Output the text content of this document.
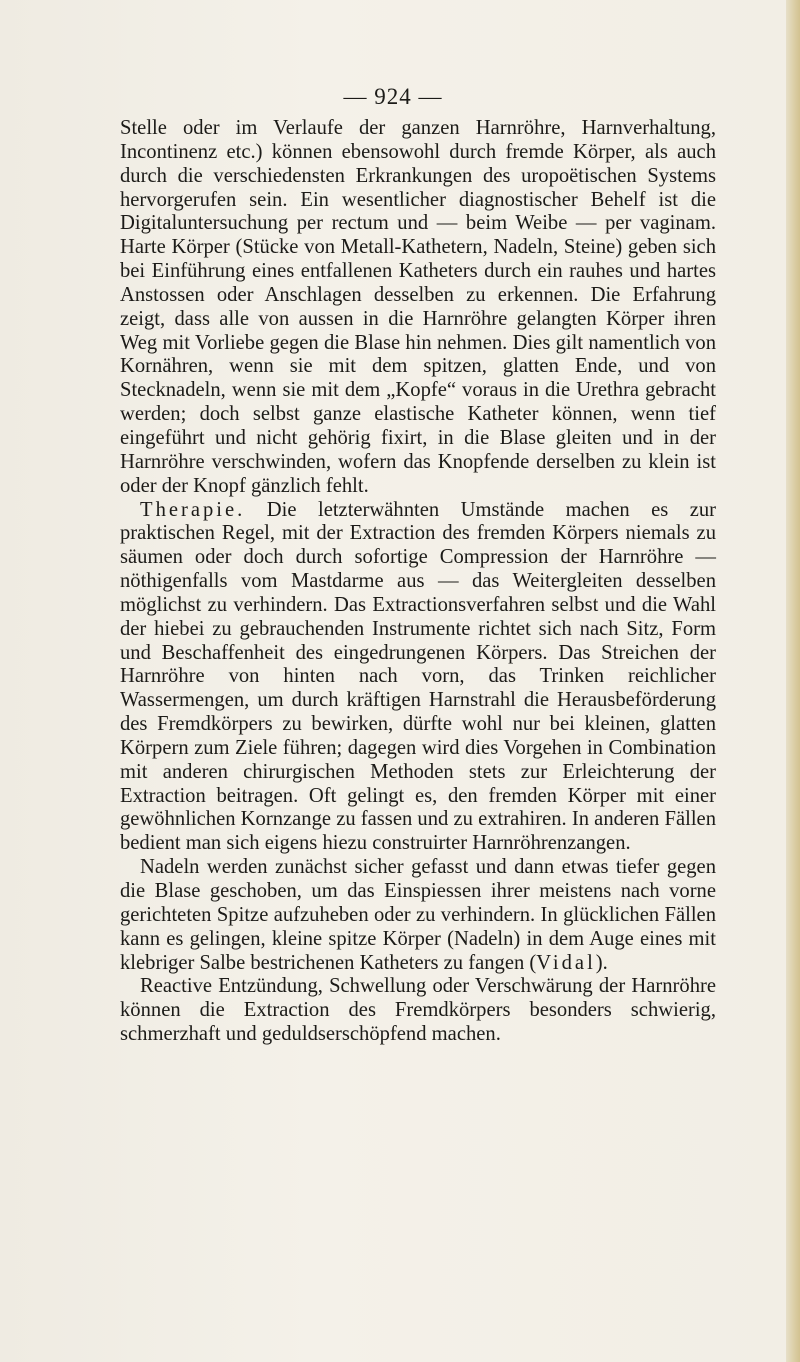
— 924 —

Stelle oder im Verlaufe der ganzen Harnröhre, Harnverhaltung, Incontinenz etc.) können ebensowohl durch fremde Körper, als auch durch die verschiedensten Erkrankungen des uropoëtischen Systems hervorgerufen sein. Ein wesentlicher diagnostischer Behelf ist die Digitaluntersuchung per rectum und — beim Weibe — per vaginam. Harte Körper (Stücke von Metall-Kathetern, Nadeln, Steine) geben sich bei Einführung eines entfallenen Katheters durch ein rauhes und hartes Anstossen oder Anschlagen desselben zu erkennen. Die Erfahrung zeigt, dass alle von aussen in die Harnröhre gelangten Körper ihren Weg mit Vorliebe gegen die Blase hin nehmen. Dies gilt namentlich von Kornähren, wenn sie mit dem spitzen, glatten Ende, und von Stecknadeln, wenn sie mit dem „Kopfe“ voraus in die Urethra gebracht werden; doch selbst ganze elastische Katheter können, wenn tief eingeführt und nicht gehörig fixirt, in die Blase gleiten und in der Harnröhre verschwinden, wofern das Knopfende derselben zu klein ist oder der Knopf gänzlich fehlt.

Therapie. Die letzterwähnten Umstände machen es zur praktischen Regel, mit der Extraction des fremden Körpers niemals zu säumen oder doch durch sofortige Compression der Harnröhre — nöthigenfalls vom Mastdarme aus — das Weitergleiten desselben möglichst zu verhindern. Das Extractionsverfahren selbst und die Wahl der hiebei zu gebrauchenden Instrumente richtet sich nach Sitz, Form und Beschaffenheit des eingedrungenen Körpers. Das Streichen der Harnröhre von hinten nach vorn, das Trinken reichlicher Wassermengen, um durch kräftigen Harnstrahl die Herausbeförderung des Fremdkörpers zu bewirken, dürfte wohl nur bei kleinen, glatten Körpern zum Ziele führen; dagegen wird dies Vorgehen in Combination mit anderen chirurgischen Methoden stets zur Erleichterung der Extraction beitragen. Oft gelingt es, den fremden Körper mit einer gewöhnlichen Kornzange zu fassen und zu extrahiren. In anderen Fällen bedient man sich eigens hiezu construirter Harnröhrenzangen.

Nadeln werden zunächst sicher gefasst und dann etwas tiefer gegen die Blase geschoben, um das Einspiessen ihrer meistens nach vorne gerichteten Spitze aufzuheben oder zu verhindern. In glücklichen Fällen kann es gelingen, kleine spitze Körper (Nadeln) in dem Auge eines mit klebriger Salbe bestrichenen Katheters zu fangen (Vidal).

Reactive Entzündung, Schwellung oder Verschwärung der Harnröhre können die Extraction des Fremdkörpers besonders schwierig, schmerzhaft und geduldserschöpfend machen.
